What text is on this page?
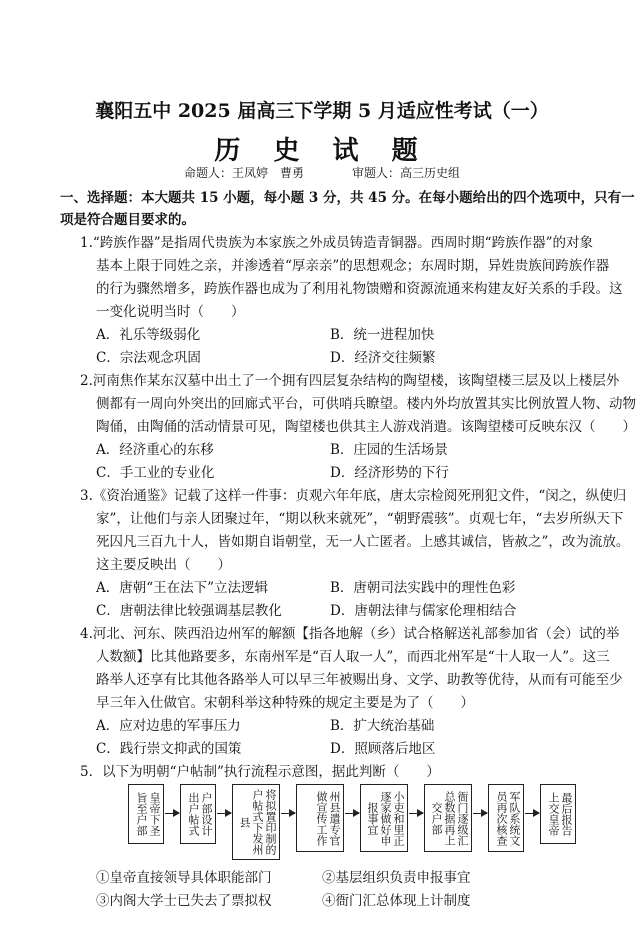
襄阳五中 2025 届高三下学期 5 月适应性考试（一）
历 史 试 题
命题人：王凤婷　曹勇　　　　审题人：高三历史组
一、选择题：本大题共 15 小题，每小题 3 分，共 45 分。在每小题给出的四个选项中，只有一
项是符合题目要求的。
1.“跨族作器”是指周代贵族为本家族之外成员铸造青铜器。西周时期“跨族作器”的对象
基本上限于同姓之亲，并渗透着“厚亲亲”的思想观念；东周时期，异姓贵族间跨族作器
的行为骤然增多，跨族作器也成为了利用礼物馈赠和资源流通来构建友好关系的手段。这
一变化说明当时（　　）
A．礼乐等级弱化	B．统一进程加快
C．宗法观念巩固	D．经济交往频繁
2.河南焦作某东汉墓中出土了一个拥有四层复杂结构的陶望楼，该陶望楼三层及以上楼层外
侧都有一周向外突出的回廊式平台，可供哨兵瞭望。楼内外均放置其实比例放置人物、动物
陶俑，由陶俑的活动情景可见，陶望楼也供其主人游戏消遣。该陶望楼可反映东汉（　　）
A．经济重心的东移	B．庄园的生活场景
C．手工业的专业化	D．经济形势的下行
3.《资治通鉴》记载了这样一件事：贞观六年年底，唐太宗检阅死刑犯文件，“闵之，纵使归
家”，让他们与亲人团聚过年，“期以秋来就死”，“朝野震骇”。贞观七年，“去岁所纵天下
死囚凡三百九十人，皆如期自诣朝堂，无一人亡匿者。上感其诚信，皆赦之”，改为流放。
这主要反映出（　　）
A．唐朝“王在法下”立法逻辑	B．唐朝司法实践中的理性色彩
C．唐朝法律比较强调基层教化	D．唐朝法律与儒家伦理相结合
4.河北、河东、陕西沿边州军的解额【指各地解（乡）试合格解送礼部参加省（会）试的举
人数额】比其他路要多，东南州军是“百人取一人”，而西北州军是“十人取一人”。这三
路举人还享有比其他各路举人可以早三年被赐出身、文学、助教等优待，从而有可能至少
早三年入仕做官。宋朝科举这种特殊的规定主要是为了（　　）
A．应对边患的军事压力	B．扩大统治基础
C．践行崇文抑武的国策	D．照顾落后地区
5．以下为明朝“户帖制”执行流程示意图，据此判断（　　）
皇帝下圣旨至户部	户部设计出户帖式	将拟置印制的户帖式下发州县	州县遣专官做宣传工作	小吏和里正逐家做好申报事宜	衙门逐级汇总数据再上交户部	军队系统文员再次核查	最后报告上交皇帝
①皇帝直接领导具体职能部门	②基层组织负责申报事宜
③内阁大学士已失去了票拟权	④衙门汇总体现上计制度
